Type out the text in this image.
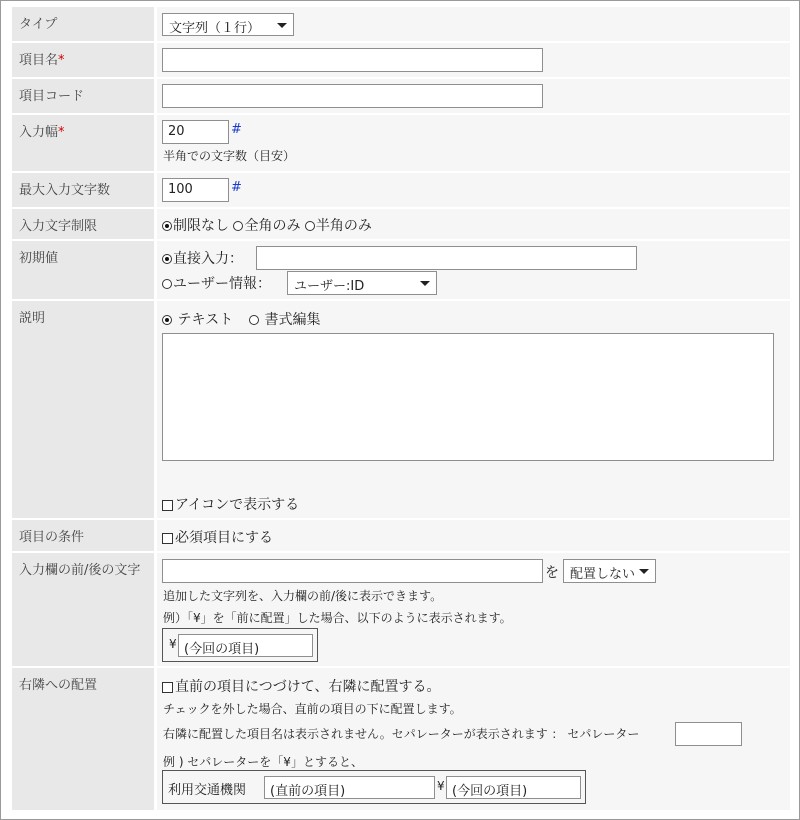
タイプ	文字列（１行）
項目名*
項目コード
入力幅*	20	#
半角での文字数（目安）
最大入力文字数	100	#
入力文字制限	制限なし 全角のみ 半角のみ
初期値	直接入力：
ユーザー情報：	ユーザー:ID
説明	テキスト	書式編集
アイコンで表示する
項目の条件	必須項目にする
入力欄の前/後の文字	を 配置しない
追加した文字列を、入力欄の前/後に表示できます。
例）「¥」を「前に配置」した場合、以下のように表示されます。
¥ (今回の項目)
右隣への配置	直前の項目につづけて、右隣に配置する。
チェックを外した場合、直前の項目の下に配置します。
右隣に配置した項目名は表示されません。セパレーターが表示されます ： セパレーター
例 ) セパレーターを「¥」とすると、
利用交通機関	(直前の項目)	¥ (今回の項目)
